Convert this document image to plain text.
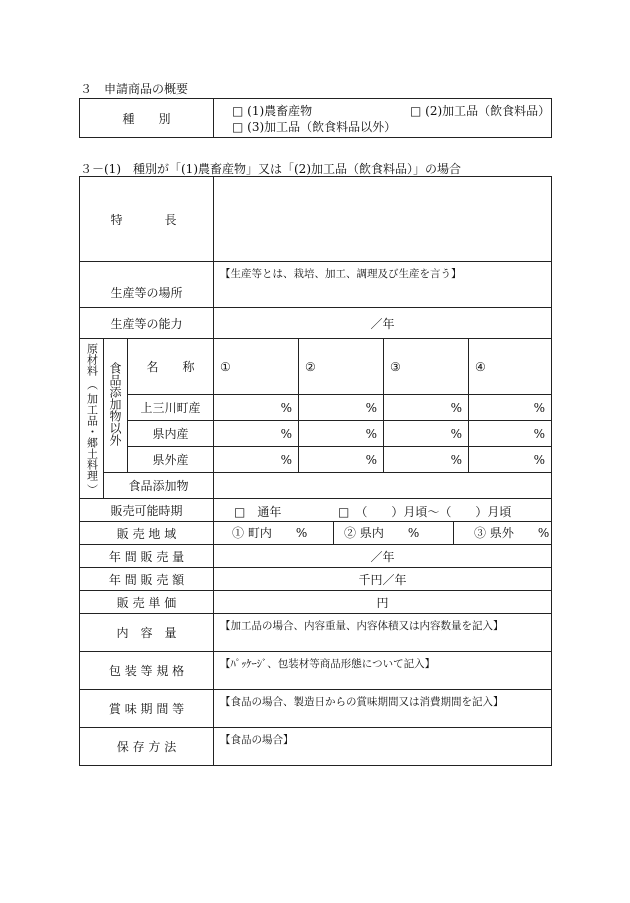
３　申請商品の概要
種　　別	
□ (1)農畜産物	□ (2)加工品（飲食料品）
□ (3)加工品（飲食料品以外）
３－(1)　種別が「(1)農畜産物」又は「(2)加工品（飲食料品）」の場合
特　　長						
生産等の場所			【生産等とは、栽培、加工、調理及び生産を言う】			
生産等の能力			／年			
原材料
（
加工品・郷土料理
）	食品添加物以外	名　　称	①	②	③	④
		上三川町産	%	%	%	%
		県内産	%	%	%	%
		県外産	%	%	%	%
	食品添加物					
販売可能時期			□　通年 □　（　　）月頃～（　　）月頃			

販 売 地 域			① 町内　　% ② 県内　　% ③ 県外　　%			

年 間 販 売 量			／年			
年 間 販 売 額			千円／年			
販 売 単 価			円			
内　容　量			【加工品の場合、内容重量、内容体積又は内容数量を記入】			
包 装 等 規 格			【ﾊﾟｯｹｰｼﾞ、包装材等商品形態について記入】			
賞 味 期 間 等			【食品の場合、製造日からの賞味期間又は消費期間を記入】			
保 存 方 法			【食品の場合】			
